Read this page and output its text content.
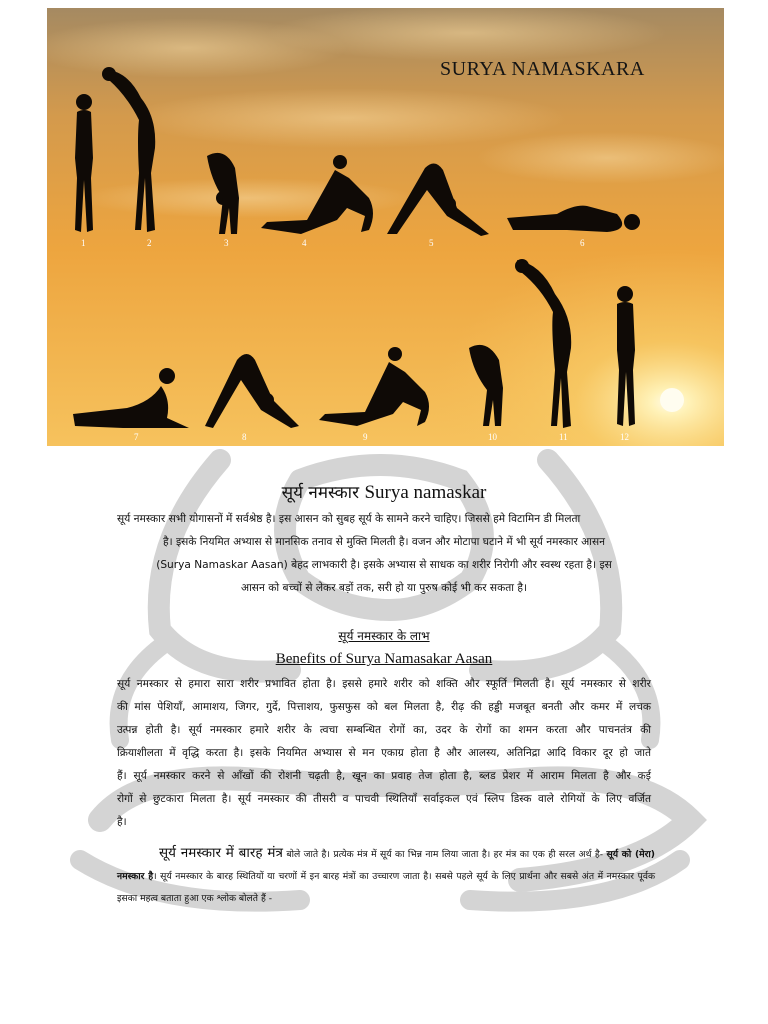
SURYA NAMASKARA
1	2	3	4	5	6
7	8	9	10	11	12
सूर्य नमस्कार Surya namaskar
सूर्य नमस्कार सभी योगासनों में सर्वश्रेष्ठ है। इस आसन को सुबह सूर्य के सामने करने चाहिए। जिससे हमे विटामिन डी मिलता
है। इसके नियमित अभ्यास से मानसिक तनाव से मुक्ति मिलती है। वजन और मोटापा घटाने में भी सूर्य नमस्कार आसन
(Surya Namaskar Aasan) बेहद लाभकारी है। इसके अभ्यास से साधक का शरीर निरोगी और स्वस्थ रहता है। इस
आसन को बच्चों से लेकर बड़ों तक, सरी हो या पुरुष कोई भी कर सकता है।
सूर्य नमस्कार के लाभ
Benefits of Surya Namasakar Aasan
सूर्य नमस्कार से हमारा सारा शरीर प्रभावित होता है। इससे हमारे शरीर को शक्ति और स्फूर्ति मिलती है। सूर्य नमस्कार से शरीर
की मांस पेशियाँ, आमाशय, जिगर, गुर्दे, पित्ताशय, फुसफुस को बल मिलता है, रीढ़ की हड्डी मजबूत बनती और कमर में लचक
उत्पन्न होती है। सूर्य नमस्कार हमारे शरीर के त्वचा सम्बन्धित रोगों का, उदर के रोगों का शमन करता और पाचनतंत्र की
क्रियाशीलता में वृद्धि करता है। इसके नियमित अभ्यास से मन एकाग्र होता है और आलस्य, अतिनिद्रा आदि विकार दूर हो जाते
हैं। सूर्य नमस्कार करने से आँखों की रोशनी चढ़ती है, खून का प्रवाह तेज होता है, ब्लड प्रेशर में आराम मिलता है और कई
रोगों से छुटकारा मिलता है। सूर्य नमस्कार की तीसरी व पाचवी स्थितियाँ सर्वाइकल एवं स्लिप डिस्क वाले रोगियों के लिए वर्जित
है।
सूर्य नमस्कार में बारह मंत्र बोले जाते है। प्रत्येक मंत्र में सूर्य का भिन्न नाम लिया जाता है। हर मंत्र का एक ही सरल अर्थ है- सूर्य को (मेरा) नमस्कार है। सूर्य नमस्कार के बारह स्थितियों या चरणों में इन बारह मंत्रों का उच्चारण जाता है। सबसे पहले सूर्य के लिए प्रार्थना और सबसे अंत में नमस्कार पूर्वक इसका महत्व बताता हुआ एक श्लोक बोलते हैं -
